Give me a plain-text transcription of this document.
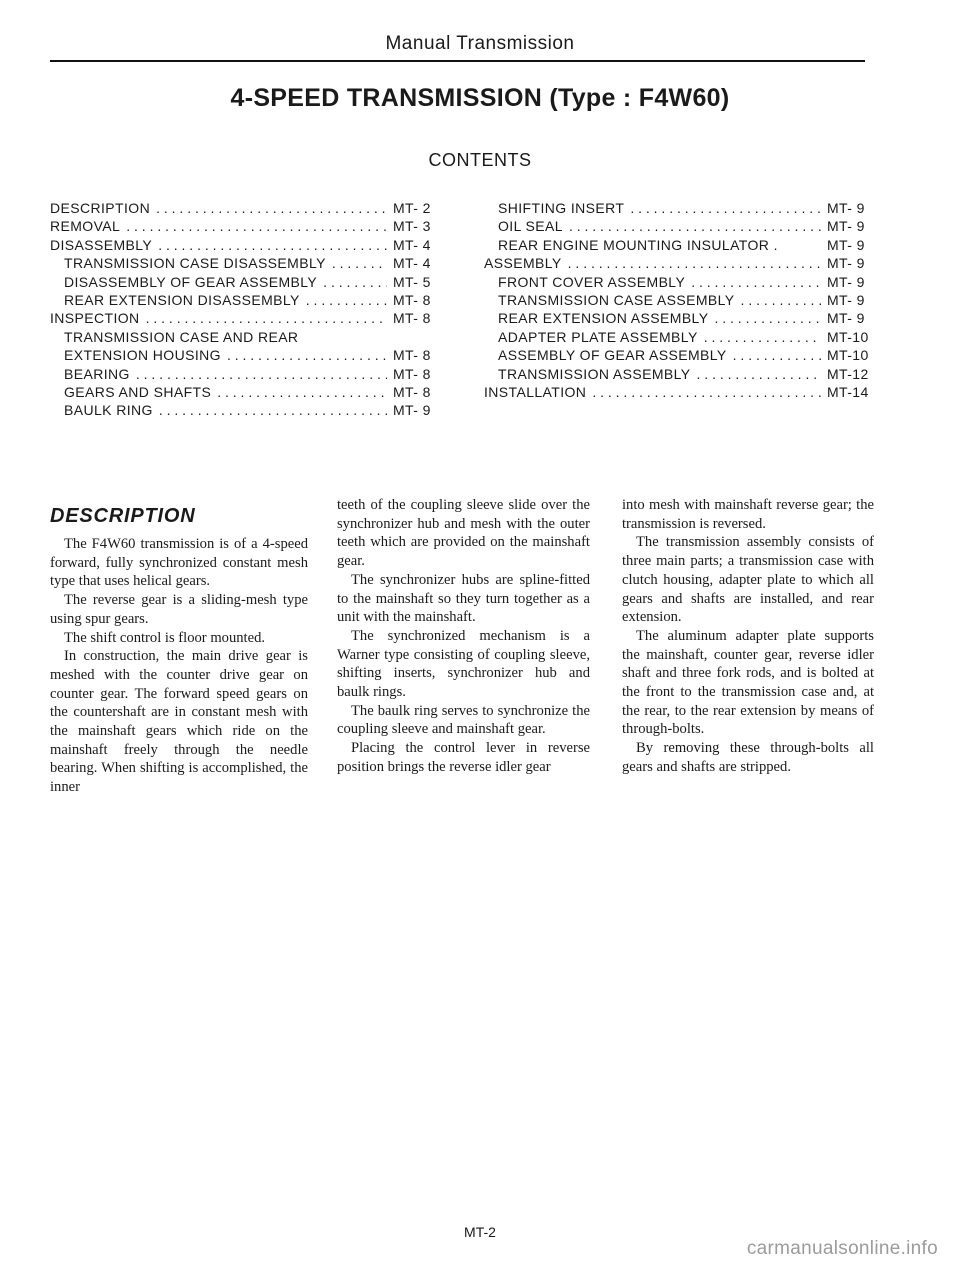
Manual Transmission
4-SPEED TRANSMISSION (Type : F4W60)
CONTENTS
DESCRIPTION . . .	MT- 2
REMOVAL . . .	MT- 3
DISASSEMBLY . . .	MT- 4
TRANSMISSION CASE DISASSEMBLY . . .	MT- 4
DISASSEMBLY OF GEAR ASSEMBLY . . .	MT- 5
REAR EXTENSION DISASSEMBLY . . .	MT- 8
INSPECTION . . .	MT- 8
TRANSMISSION CASE AND REAR
EXTENSION HOUSING . . .	MT- 8
BEARING . . .	MT- 8
GEARS AND SHAFTS . . .	MT- 8
BAULK RING . . .	MT- 9
SHIFTING INSERT . . .	MT- 9
OIL SEAL . . .	MT- 9
REAR ENGINE MOUNTING INSULATOR .	MT- 9
ASSEMBLY . . .	MT- 9
FRONT COVER ASSEMBLY . . .	MT- 9
TRANSMISSION CASE ASSEMBLY . . .	MT- 9
REAR EXTENSION ASSEMBLY . . .	MT- 9
ADAPTER PLATE ASSEMBLY . . .	MT-10
ASSEMBLY OF GEAR ASSEMBLY . . .	MT-10
TRANSMISSION ASSEMBLY . . .	MT-12
INSTALLATION . . .	MT-14
DESCRIPTION

The F4W60 transmission is of a 4-speed forward, fully synchronized constant mesh type that uses helical gears.

The reverse gear is a sliding-mesh type using spur gears.

The shift control is floor mounted.

In construction, the main drive gear is meshed with the counter drive gear on counter gear. The forward speed gears on the countershaft are in constant mesh with the mainshaft gears which ride on the mainshaft freely through the needle bearing. When shifting is accomplished, the inner

teeth of the coupling sleeve slide over the synchronizer hub and mesh with the outer teeth which are provided on the mainshaft gear.

The synchronizer hubs are spline-fitted to the mainshaft so they turn together as a unit with the mainshaft.

The synchronized mechanism is a Warner type consisting of coupling sleeve, shifting inserts, synchronizer hub and baulk rings.

The baulk ring serves to synchronize the coupling sleeve and mainshaft gear.

Placing the control lever in reverse position brings the reverse idler gear

into mesh with mainshaft reverse gear; the transmission is reversed.

The transmission assembly consists of three main parts; a transmission case with clutch housing, adapter plate to which all gears and shafts are installed, and rear extension.

The aluminum adapter plate supports the mainshaft, counter gear, reverse idler shaft and three fork rods, and is bolted at the front to the transmission case and, at the rear, to the rear extension by means of through-bolts.

By removing these through-bolts all gears and shafts are stripped.

MT-2
carmanualsonline.info
